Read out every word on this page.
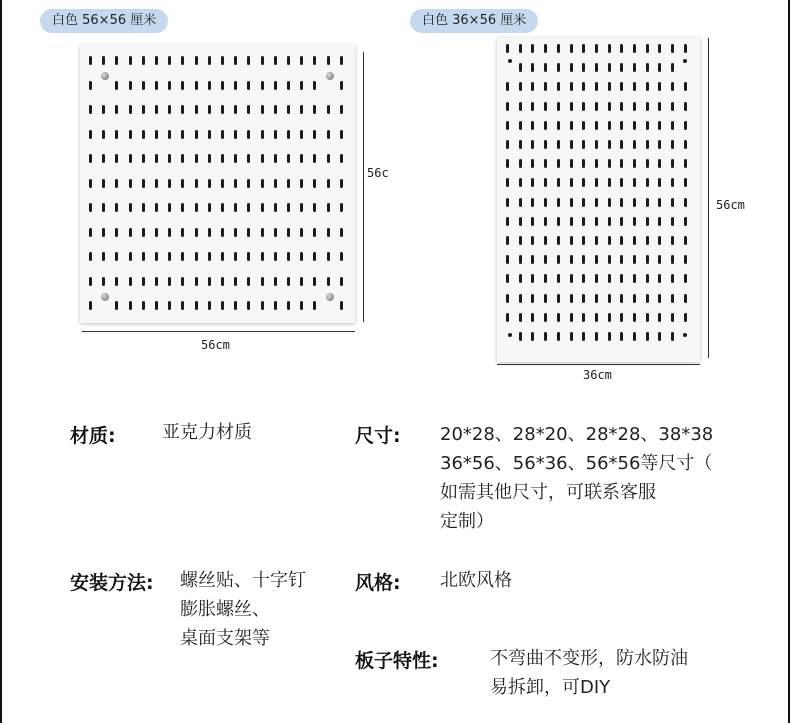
白色 56×56 厘米	白色 36×56 厘米
56c
56cm
56cm
36cm
材质:	亚克力材质	尺寸: 20*28、28*20、28*28、38*38
36*56、56*36、56*56等尺寸（
如需其他尺寸，可联系客服
定制）
安装方法: 螺丝贴、十字钉
膨胀螺丝、
桌面支架等
风格: 北欧风格
板子特性:	不弯曲不变形，防水防油
易拆卸，可DIY
